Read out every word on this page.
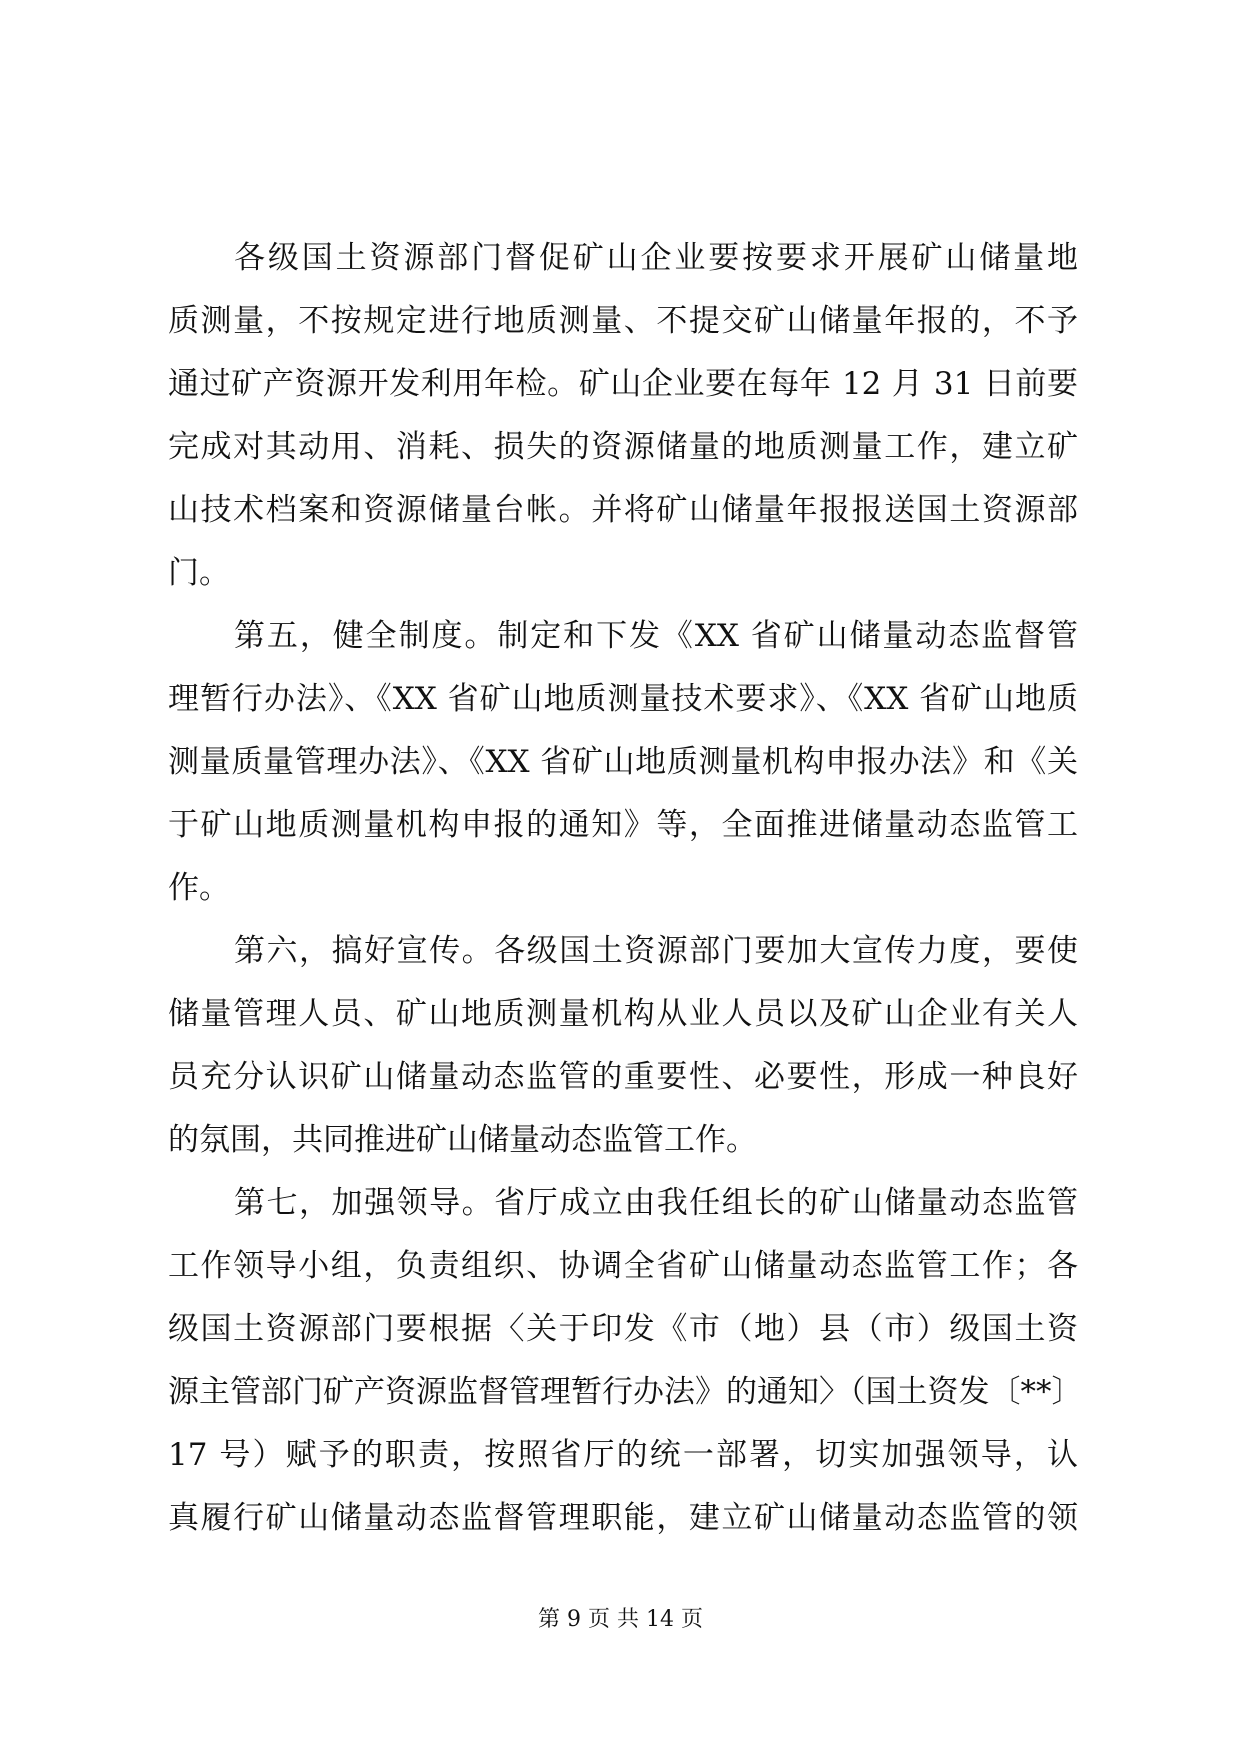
各级国土资源部门督促矿山企业要按要求开展矿山储量地
质测量，不按规定进行地质测量、不提交矿山储量年报的，不予
通过矿产资源开发利用年检。矿山企业要在每年 12 月 31 日前要
完成对其动用、消耗、损失的资源储量的地质测量工作，建立矿
山技术档案和资源储量台帐。并将矿山储量年报报送国土资源部
门。
第五，健全制度。制定和下发《XX 省矿山储量动态监督管
理暂行办法》、《XX 省矿山地质测量技术要求》、《XX 省矿山地质
测量质量管理办法》、《XX 省矿山地质测量机构申报办法》和《关
于矿山地质测量机构申报的通知》等，全面推进储量动态监管工
作。
第六，搞好宣传。各级国土资源部门要加大宣传力度，要使
储量管理人员、矿山地质测量机构从业人员以及矿山企业有关人
员充分认识矿山储量动态监管的重要性、必要性，形成一种良好
的氛围，共同推进矿山储量动态监管工作。
第七，加强领导。省厅成立由我任组长的矿山储量动态监管
工作领导小组，负责组织、协调全省矿山储量动态监管工作；各
级国土资源部门要根据〈关于印发《市（地）县（市）级国土资
源主管部门矿产资源监督管理暂行办法》的通知〉（国土资发〔**〕
17 号）赋予的职责，按照省厅的统一部署，切实加强领导，认
真履行矿山储量动态监督管理职能，建立矿山储量动态监管的领
第 9 页 共 14 页
